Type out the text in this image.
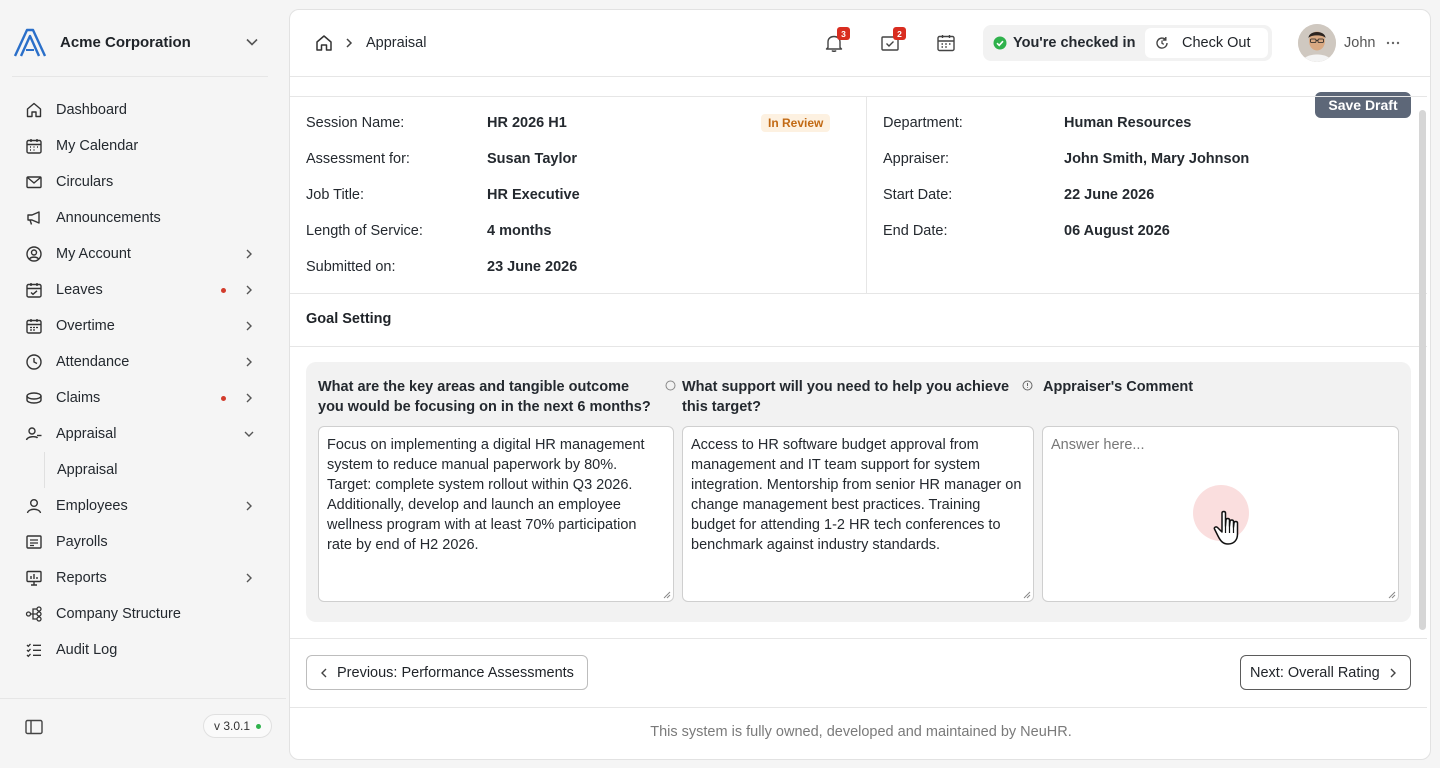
Acme Corporation
Dashboard
My Calendar
Circulars
Announcements
My Account
Leaves
Overtime
Attendance
Claims
Appraisal
Appraisal
Employees
Payrolls
Reports
Company Structure
Audit Log
v 3.0.1
Appraisal
3	2
You're checked in	Check Out	John
Save Draft
Session Name:	HR 2026 H1	In Review
Assessment for:	Susan Taylor
Job Title:	HR Executive
Length of Service:	4 months
Submitted on:	23 June 2026
Department:	Human Resources
Appraiser:	John Smith, Mary Johnson
Start Date:	22 June 2026
End Date:	06 August 2026
Goal Setting
What are the key areas and tangible outcome you would be focusing on in the next 6 months?
What support will you need to help you achieve this target?
Appraiser's Comment
Focus on implementing a digital HR management system to reduce manual paperwork by 80%. Target: complete system rollout within Q3 2026. Additionally, develop and launch an employee wellness program with at least 70% participation rate by end of H2 2026.
Access to HR software budget approval from management and IT team support for system integration. Mentorship from senior HR manager on change management best practices. Training budget for attending 1-2 HR tech conferences to benchmark against industry standards.
Answer here...
Previous: Performance Assessments	Next: Overall Rating
This system is fully owned, developed and maintained by NeuHR.
